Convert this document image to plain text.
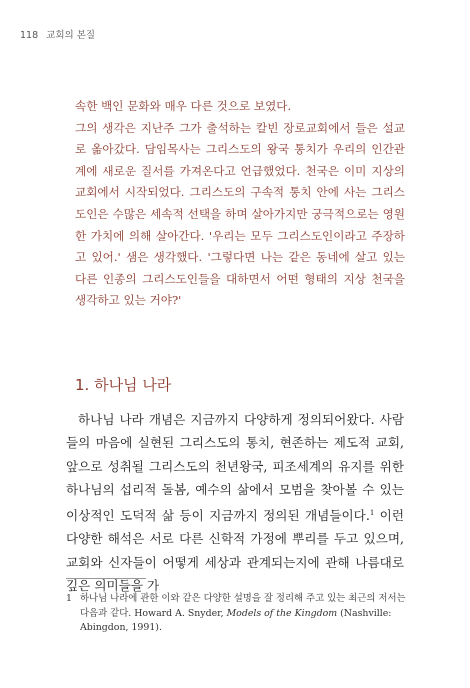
118 교회의 본질

속한 백인 문화와 매우 다른 것으로 보였다.

그의 생각은 지난주 그가 출석하는 칼빈 장로교회에서 들은 설교로 옮아갔다. 담임목사는 그리스도의 왕국 통치가 우리의 인간관계에 새로운 질서를 가져온다고 언급했었다. 천국은 이미 지상의 교회에서 시작되었다. 그리스도의 구속적 통치 안에 사는 그리스도인은 수많은 세속적 선택을 하며 살아가지만 궁극적으로는 영원한 가치에 의해 살아간다. '우리는 모두 그리스도인이라고 주장하고 있어.' 샘은 생각했다. '그렇다면 나는 같은 동네에 살고 있는 다른 인종의 그리스도인들을 대하면서 어떤 형태의 지상 천국을 생각하고 있는 거야?'

1. 하나님 나라

하나님 나라 개념은 지금까지 다양하게 정의되어왔다. 사람들의 마음에 실현된 그리스도의 통치, 현존하는 제도적 교회, 앞으로 성취될 그리스도의 천년왕국, 피조세계의 유지를 위한 하나님의 섭리적 돌봄, 예수의 삶에서 모범을 찾아볼 수 있는 이상적인 도덕적 삶 등이 지금까지 정의된 개념들이다.$^1$ 이런 다양한 해석은 서로 다른 신학적 가정에 뿌리를 두고 있으며, 교회와 신자들이 어떻게 세상과 관계되는지에 관해 나름대로 깊은 의미들을 가

1 하나님 나라에 관한 이와 같은 다양한 설명을 잘 정리해 주고 있는 최근의 저서는 다음과 같다. Howard A. Snyder, Models of the Kingdom (Nashville: Abingdon, 1991).
